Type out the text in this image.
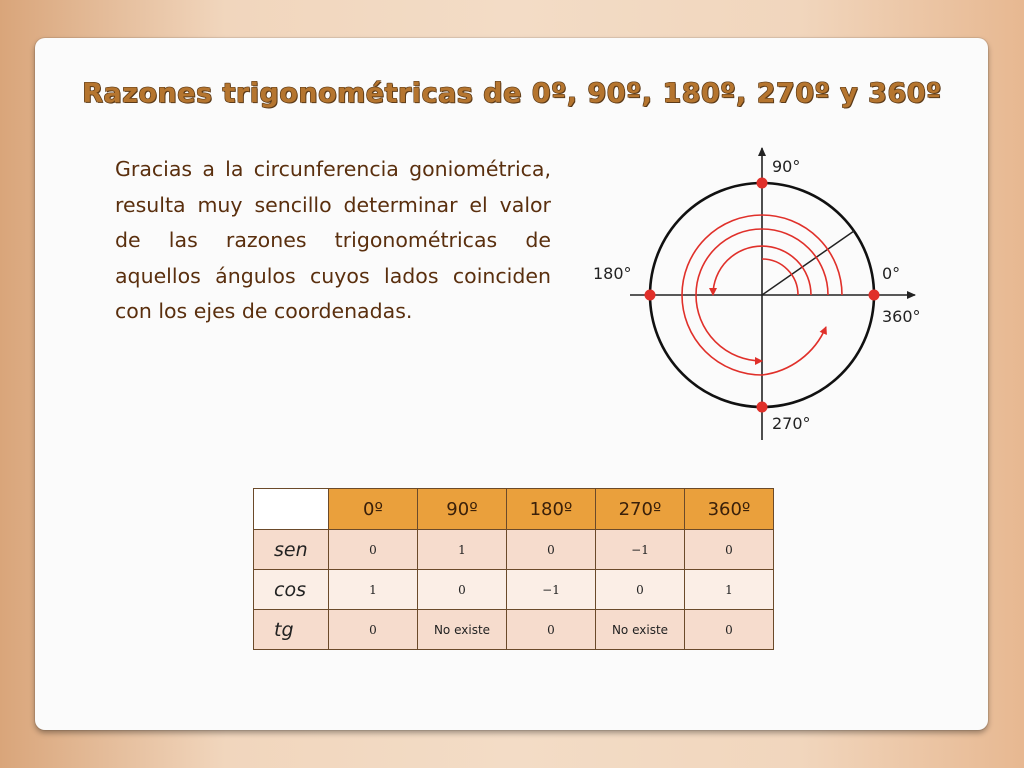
Razones trigonométricas de 0º, 90º, 180º, 270º y 360º

Gracias a la circunferencia goniométrica, resulta muy sencillo determinar el valor de las razones trigonométricas de aquellos ángulos cuyos lados coinciden con los ejes de coordenadas.

90°
180°	0°
360°
270°
	0º	90º	180º	270º	360º
sen	0	1	0	−1	0
cos	1	0	−1	0	1
tg	0	No existe	0	No existe	0
